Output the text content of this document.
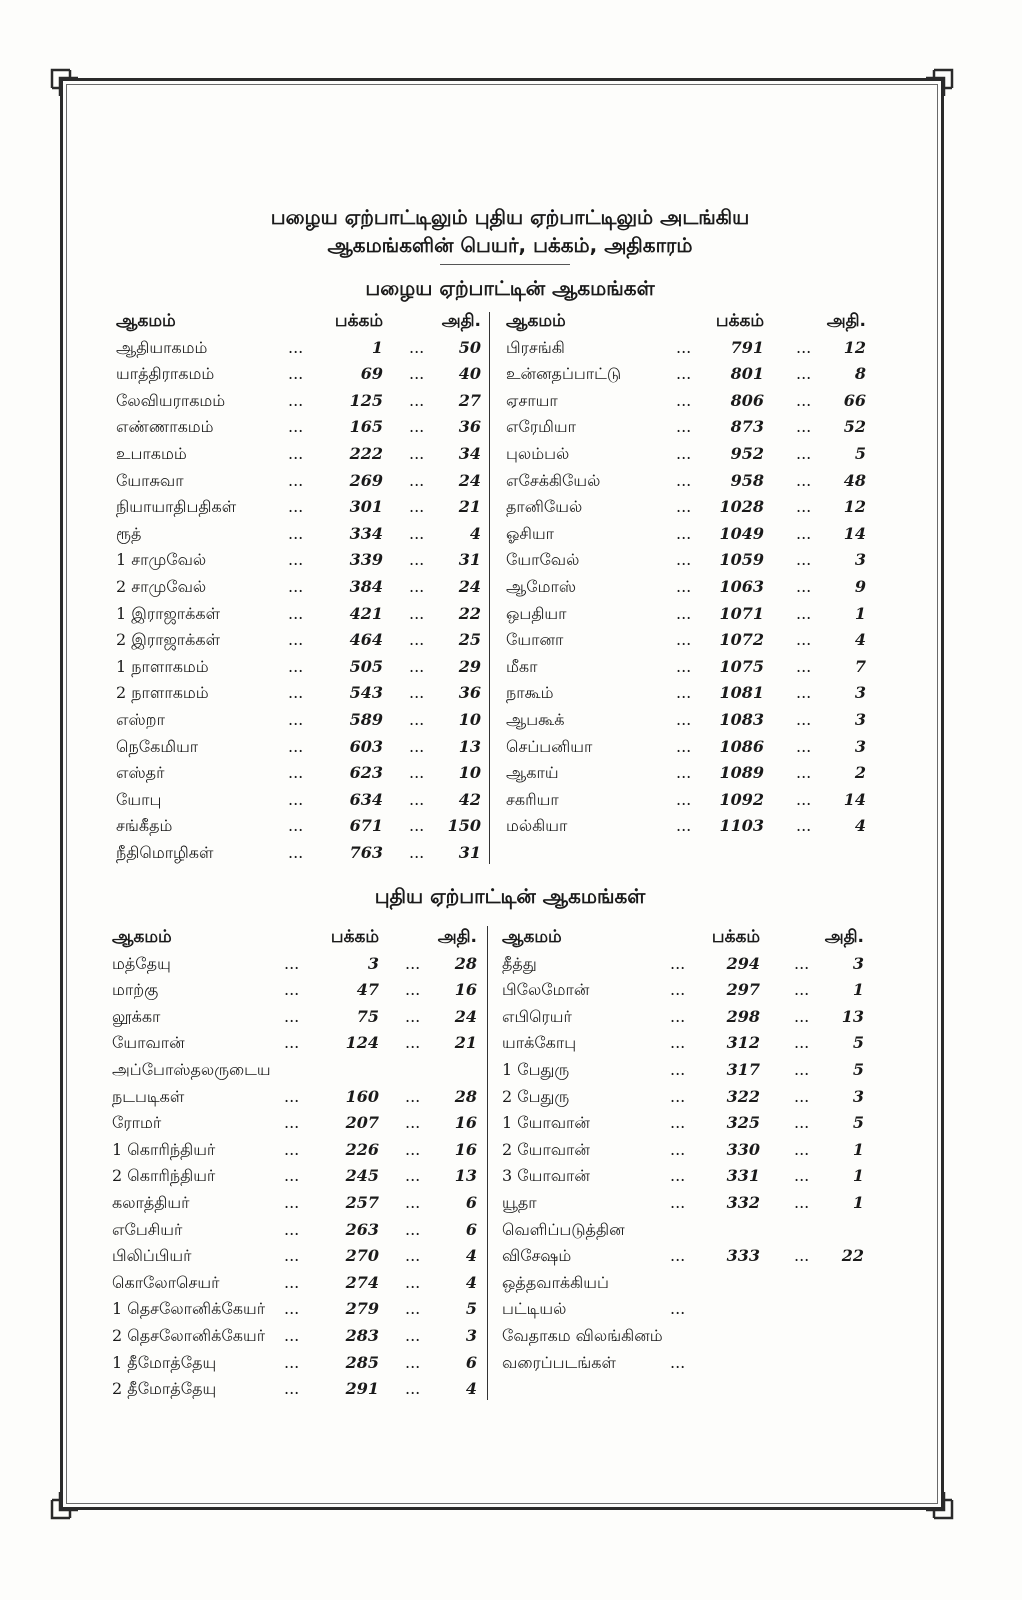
பழைய ஏற்பாட்டிலும் புதிய ஏற்பாட்டிலும் அடங்கிய
ஆகமங்களின் பெயர், பக்கம், அதிகாரம்
பழைய ஏற்பாட்டின் ஆகமங்கள்
புதிய ஏற்பாட்டின் ஆகமங்கள்
ஆகமம்	பக்கம்	அதி.
ஆதியாகமம்	...	1 ...	50
யாத்திராகமம்	...	69 ...	40
லேவியராகமம்	...	125 ...	27
எண்ணாகமம்	...	165 ...	36
உபாகமம்	...	222 ...	34
யோசுவா	...	269 ...	24
நியாயாதிபதிகள்	...	301 ...	21
ரூத்	...	334 ...	4
1 சாமுவேல்	...	339 ...	31
2 சாமுவேல்	...	384 ...	24
1 இராஜாக்கள்	...	421 ...	22
2 இராஜாக்கள்	...	464 ...	25
1 நாளாகமம்	...	505 ...	29
2 நாளாகமம்	...	543 ...	36
எஸ்றா	...	589 ...	10
நெகேமியா	...	603 ...	13
எஸ்தர்	...	623 ...	10
யோபு	...	634 ...	42
சங்கீதம்	...	671 ...	150
நீதிமொழிகள்	...	763 ...	31
ஆகமம்	பக்கம்	அதி.
பிரசங்கி	...	791 ...	12
உன்னதப்பாட்டு	...	801 ...	8
ஏசாயா	...	806 ...	66
எரேமியா	...	873 ...	52
புலம்பல்	...	952 ...	5
எசேக்கியேல்	...	958 ...	48
தானியேல்	...	1028 ...	12
ஓசியா	...	1049 ...	14
யோவேல்	...	1059 ...	3
ஆமோஸ்	...	1063 ...	9
ஒபதியா	...	1071 ...	1
யோனா	...	1072 ...	4
மீகா	...	1075 ...	7
நாகூம்	...	1081 ...	3
ஆபகூக்	...	1083 ...	3
செப்பனியா	...	1086 ...	3
ஆகாய்	...	1089 ...	2
சகரியா	...	1092 ...	14
மல்கியா	...	1103 ...	4
ஆகமம்	பக்கம்	அதி.
மத்தேயு	...	3 ...	28
மாற்கு	...	47 ...	16
லூக்கா	...	75 ...	24
யோவான்	...	124 ...	21
அப்போஸ்தலருடைய
நடபடிகள்	...	160 ...	28
ரோமர்	...	207 ...	16
1 கொரிந்தியர்	...	226 ...	16
2 கொரிந்தியர்	...	245 ...	13
கலாத்தியர்	...	257 ...	6
எபேசியர்	...	263 ...	6
பிலிப்பியர்	...	270 ...	4
கொலோசெயர்	...	274 ...	4
1 தெசலோனிக்கேயர் ...	279 ...	5
2 தெசலோனிக்கேயர் ...	283 ...	3
1 தீமோத்தேயு	...	285 ...	6
2 தீமோத்தேயு	...	291 ...	4
ஆகமம்	பக்கம்	அதி.
தீத்து	...	294 ...	3
பிலேமோன்	...	297 ...	1
எபிரெயர்	...	298 ...	13
யாக்கோபு	...	312 ...	5
1 பேதுரு	...	317 ...	5
2 பேதுரு	...	322 ...	3
1 யோவான்	...	325 ...	5
2 யோவான்	...	330 ...	1
3 யோவான்	...	331 ...	1
யூதா	...	332 ...	1
வெளிப்படுத்தின
விசேஷம்	...	333 ...	22
ஒத்தவாக்கியப்
பட்டியல்	...
வேதாகம விலங்கினம்
வரைப்படங்கள்	...
